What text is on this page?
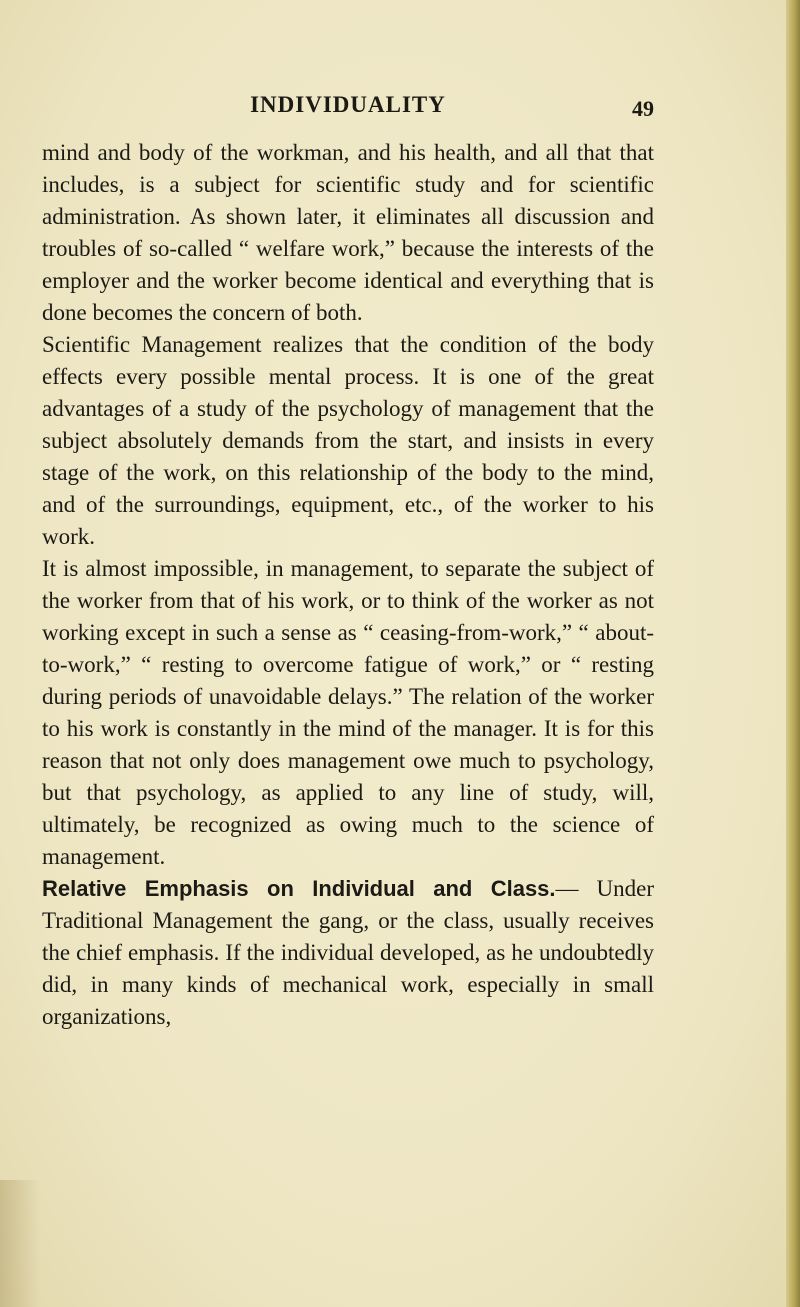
INDIVIDUALITY	49

mind and body of the workman, and his health, and all that that includes, is a subject for scientific study and for scientific administration. As shown later, it eliminates all discussion and troubles of so-called “ welfare work,” because the interests of the employer and the worker become identical and everything that is done becomes the concern of both.

Scientific Management realizes that the condition of the body effects every possible mental process. It is one of the great advantages of a study of the psychology of management that the subject absolutely demands from the start, and insists in every stage of the work, on this relationship of the body to the mind, and of the surroundings, equipment, etc., of the worker to his work.

It is almost impossible, in management, to separate the subject of the worker from that of his work, or to think of the worker as not working except in such a sense as “ ceasing-from-work,” “ about-to-work,” “ resting to overcome fatigue of work,” or “ resting during periods of unavoidable delays.” The relation of the worker to his work is constantly in the mind of the manager. It is for this reason that not only does management owe much to psychology, but that psychology, as applied to any line of study, will, ultimately, be recognized as owing much to the science of management.

Relative Emphasis on Individual and Class.— Under Traditional Management the gang, or the class, usually receives the chief emphasis. If the individual developed, as he undoubtedly did, in many kinds of mechanical work, especially in small organizations,
